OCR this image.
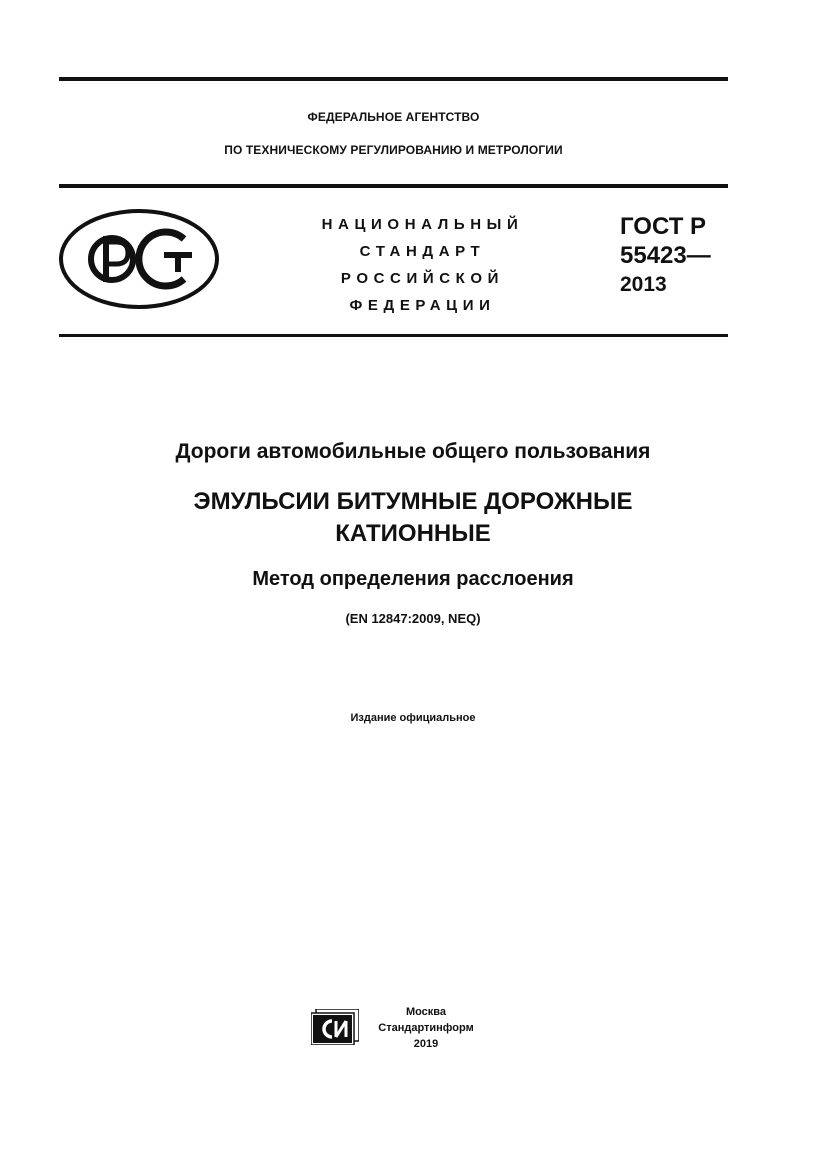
ФЕДЕРАЛЬНОЕ АГЕНТСТВО
ПО ТЕХНИЧЕСКОМУ РЕГУЛИРОВАНИЮ И МЕТРОЛОГИИ
НАЦИОНАЛЬНЫЙ
СТАНДАРТ
РОССИЙСКОЙ
ФЕДЕРАЦИИ
ГОСТ Р
55423—
2013
Дороги автомобильные общего пользования
ЭМУЛЬСИИ БИТУМНЫЕ ДОРОЖНЫЕ
КАТИОННЫЕ
Метод определения расслоения
(EN 12847:2009, NEQ)
Издание официальное
Москва
Стандартинформ
2019
